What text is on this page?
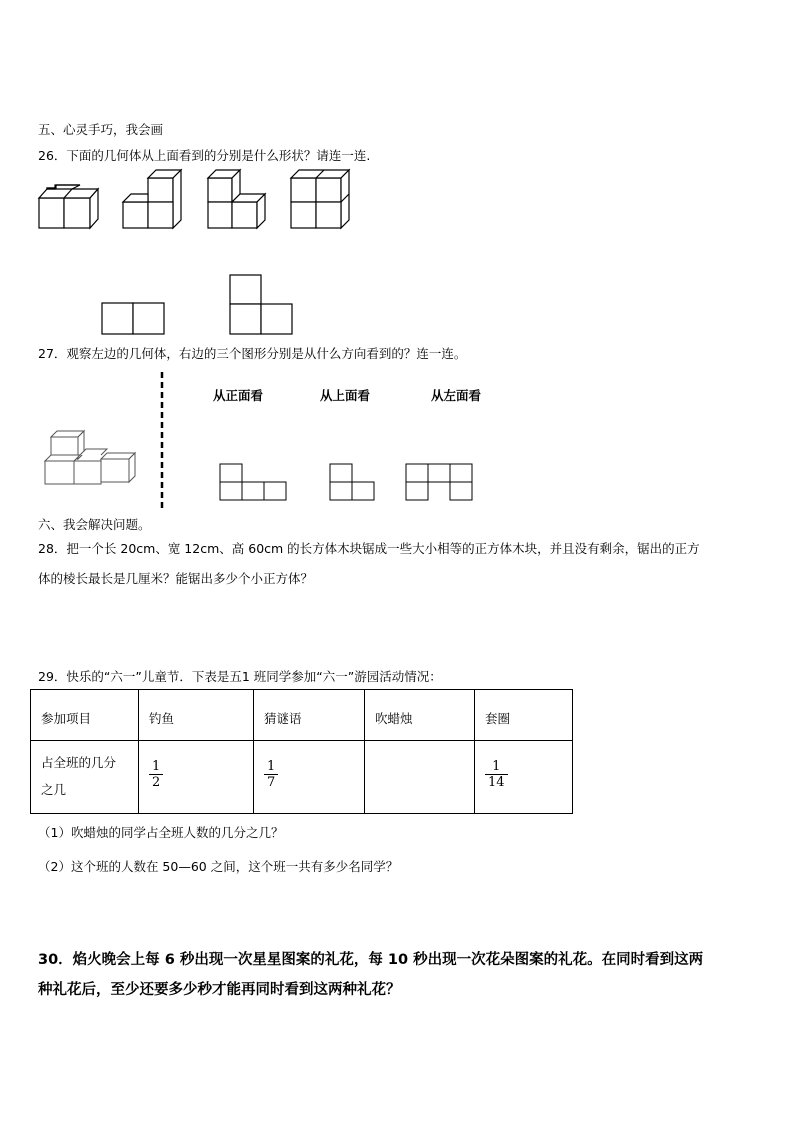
五、心灵手巧，我会画
26．下面的几何体从上面看到的分别是什么形状？请连一连.
27．观察左边的几何体，右边的三个图形分别是从什么方向看到的？连一连。
从正面看	从上面看	从左面看
六、我会解决问题。
28．把一个长 20cm、宽 12cm、高 60cm 的长方体木块锯成一些大小相等的正方体木块，并且没有剩余，锯出的正方
体的棱长最长是几厘米？能锯出多少个小正方体？
29．快乐的“六一”儿童节．下表是五1 班同学参加“六一”游园活动情况：
参加项目	钓鱼	猜谜语	吹蜡烛	套圈

占全班的几分之几	$\frac{1}{2}$	$\frac{1}{7}$		$\frac{1}{14}$
（1）吹蜡烛的同学占全班人数的几分之几？
（2）这个班的人数在 50—60 之间，这个班一共有多少名同学？
30．焰火晚会上每 6 秒出现一次星星图案的礼花，每 10 秒出现一次花朵图案的礼花。在同时看到这两
种礼花后，至少还要多少秒才能再同时看到这两种礼花？
